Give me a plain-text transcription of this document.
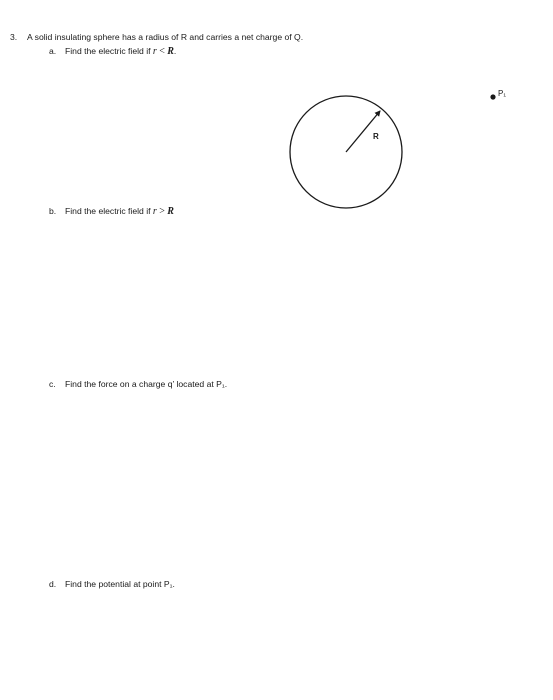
3. A solid insulating sphere has a radius of R and carries a net charge of Q.
a. Find the electric field if r < R.
b. Find the electric field if r > R
c. Find the force on a charge q’ located at P₁.
d. Find the potential at point P₁.
R
P₁
